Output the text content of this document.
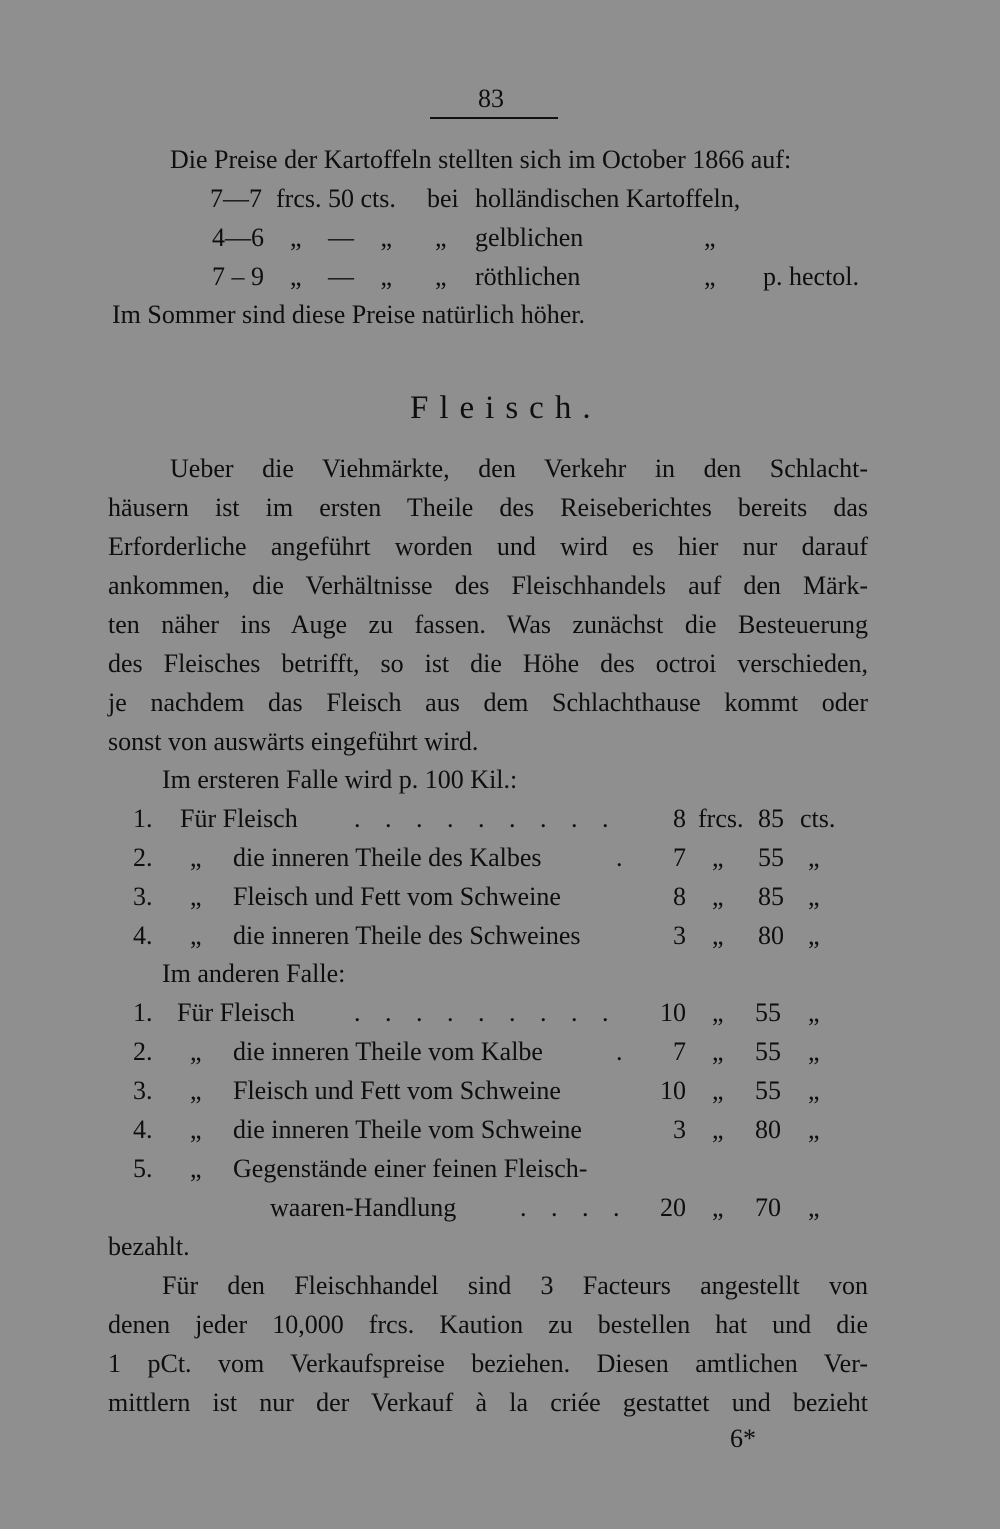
83
Die Preise der Kartoffeln stellten sich im October 1866 auf:
7—7 frcs. 50 cts. bei holländischen Kartoffeln,
4—6 „ — „ „ gelblichen	„
7 – 9 „ — „ „ röthlichen	„ p. hectol.
Im Sommer sind diese Preise natürlich höher.
Fleisch.
Ueber die Viehmärkte, den Verkehr in den Schlacht-
häusern ist im ersten Theile des Reiseberichtes bereits das
Erforderliche angeführt worden und wird es hier nur darauf
ankommen, die Verhältnisse des Fleischhandels auf den Märk-
ten näher ins Auge zu fassen. Was zunächst die Besteuerung
des Fleisches betrifft, so ist die Höhe des octroi verschieden,
je nachdem das Fleisch aus dem Schlachthause kommt oder
sonst von auswärts eingeführt wird.
Im ersteren Falle wird p. 100 Kil.:
1. Für Fleisch . . . . . . . . .	8 frcs. 85 cts.
2. „ die inneren Theile des Kalbes	.	7 „ 55 „
3. „ Fleisch und Fett vom Schweine	8 „ 85 „
4. „ die inneren Theile des Schweines	3 „ 80 „
Im anderen Falle:
1. Für Fleisch . . . . . . . . .	10 „ 55 „
2. „ die inneren Theile vom Kalbe	.	7 „ 55 „
3. „ Fleisch und Fett vom Schweine	10 „ 55 „
4. „ die inneren Theile vom Schweine	3 „ 80 „
5. „ Gegenstände einer feinen Fleisch-
waaren-Handlung . . . .	20 „ 70 „
bezahlt.
Für den Fleischhandel sind 3 Facteurs angestellt von
denen jeder 10,000 frcs. Kaution zu bestellen hat und die
1 pCt. vom Verkaufspreise beziehen. Diesen amtlichen Ver-
mittlern ist nur der Verkauf à la criée gestattet und bezieht
6*
